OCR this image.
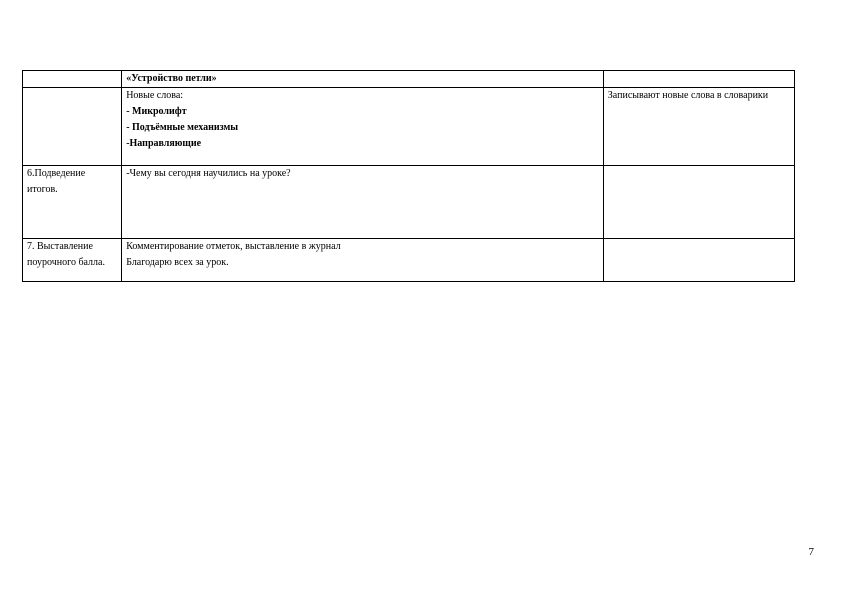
	«Устройство петли»	

	Новые слова:
- Микролифт
- Подъёмные механизмы
-Направляющие	Записывают новые слова в словарики

6.Подведение итогов.	-Чему вы сегодня научились на уроке?	

7. Выставление поурочного балла.	Комментирование отметок, выставление в журнал
Благодарю всех за урок.	

7
